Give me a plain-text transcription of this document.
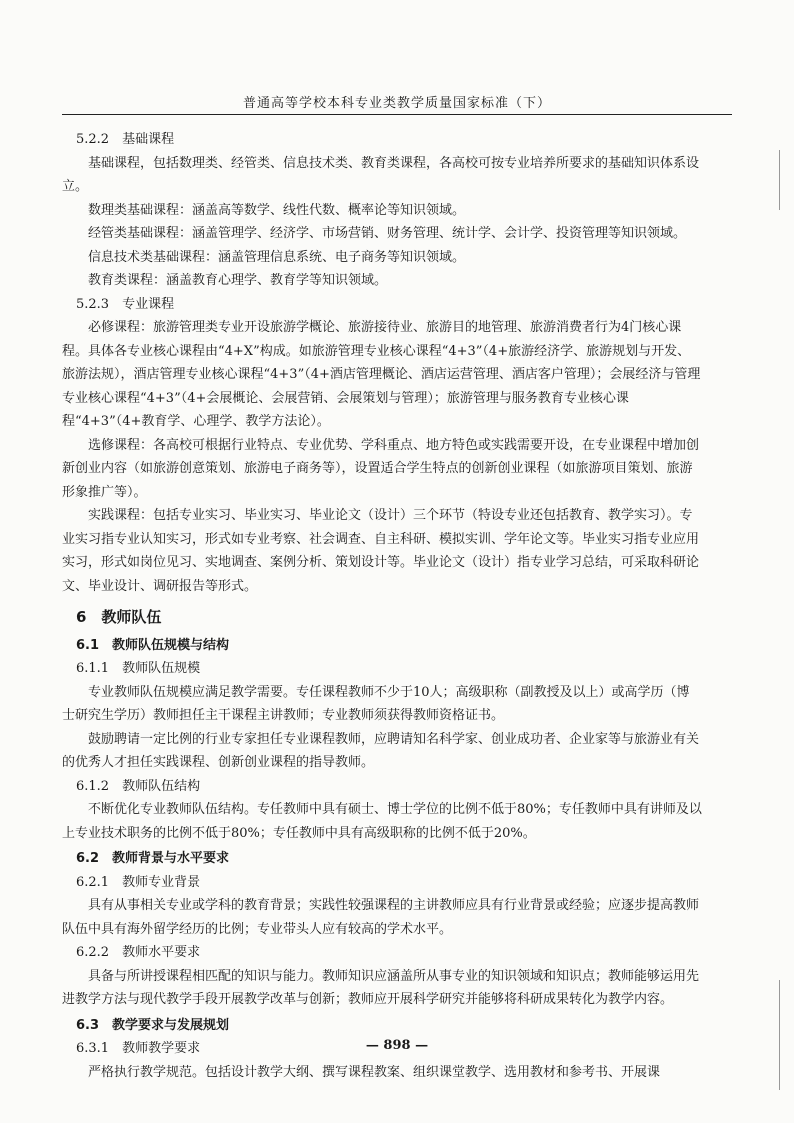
普通高等学校本科专业类教学质量国家标准（下）

5.2.2　基础课程

基础课程，包括数理类、经管类、信息技术类、教育类课程，各高校可按专业培养所要求的基础知识体系设立。

数理类基础课程：涵盖高等数学、线性代数、概率论等知识领域。

经管类基础课程：涵盖管理学、经济学、市场营销、财务管理、统计学、会计学、投资管理等知识领域。

信息技术类基础课程：涵盖管理信息系统、电子商务等知识领域。

教育类课程：涵盖教育心理学、教育学等知识领域。

5.2.3　专业课程

必修课程：旅游管理类专业开设旅游学概论、旅游接待业、旅游目的地管理、旅游消费者行为4门核心课程。具体各专业核心课程由“4+X”构成。如旅游管理专业核心课程“4+3”（4+旅游经济学、旅游规划与开发、旅游法规），酒店管理专业核心课程“4+3”（4+酒店管理概论、酒店运营管理、酒店客户管理）；会展经济与管理专业核心课程“4+3”（4+会展概论、会展营销、会展策划与管理）；旅游管理与服务教育专业核心课程“4+3”（4+教育学、心理学、教学方法论）。

选修课程：各高校可根据行业特点、专业优势、学科重点、地方特色或实践需要开设，在专业课程中增加创新创业内容（如旅游创意策划、旅游电子商务等），设置适合学生特点的创新创业课程（如旅游项目策划、旅游形象推广等）。

实践课程：包括专业实习、毕业实习、毕业论文（设计）三个环节（特设专业还包括教育、教学实习）。专业实习指专业认知实习，形式如专业考察、社会调查、自主科研、模拟实训、学年论文等。毕业实习指专业应用实习，形式如岗位见习、实地调查、案例分析、策划设计等。毕业论文（设计）指专业学习总结，可采取科研论文、毕业设计、调研报告等形式。

6　教师队伍

6.1　教师队伍规模与结构

6.1.1　教师队伍规模

专业教师队伍规模应满足教学需要。专任课程教师不少于10人；高级职称（副教授及以上）或高学历（博士研究生学历）教师担任主干课程主讲教师；专业教师须获得教师资格证书。

鼓励聘请一定比例的行业专家担任专业课程教师，应聘请知名科学家、创业成功者、企业家等与旅游业有关的优秀人才担任实践课程、创新创业课程的指导教师。

6.1.2　教师队伍结构

不断优化专业教师队伍结构。专任教师中具有硕士、博士学位的比例不低于80%；专任教师中具有讲师及以上专业技术职务的比例不低于80%；专任教师中具有高级职称的比例不低于20%。

6.2　教师背景与水平要求

6.2.1　教师专业背景

具有从事相关专业或学科的教育背景；实践性较强课程的主讲教师应具有行业背景或经验；应逐步提高教师队伍中具有海外留学经历的比例；专业带头人应有较高的学术水平。

6.2.2　教师水平要求

具备与所讲授课程相匹配的知识与能力。教师知识应涵盖所从事专业的知识领域和知识点；教师能够运用先进教学方法与现代教学手段开展教学改革与创新；教师应开展科学研究并能够将科研成果转化为教学内容。

6.3　教学要求与发展规划

6.3.1　教师教学要求

严格执行教学规范。包括设计教学大纲、撰写课程教案、组织课堂教学、选用教材和参考书、开展课

— 898 —
